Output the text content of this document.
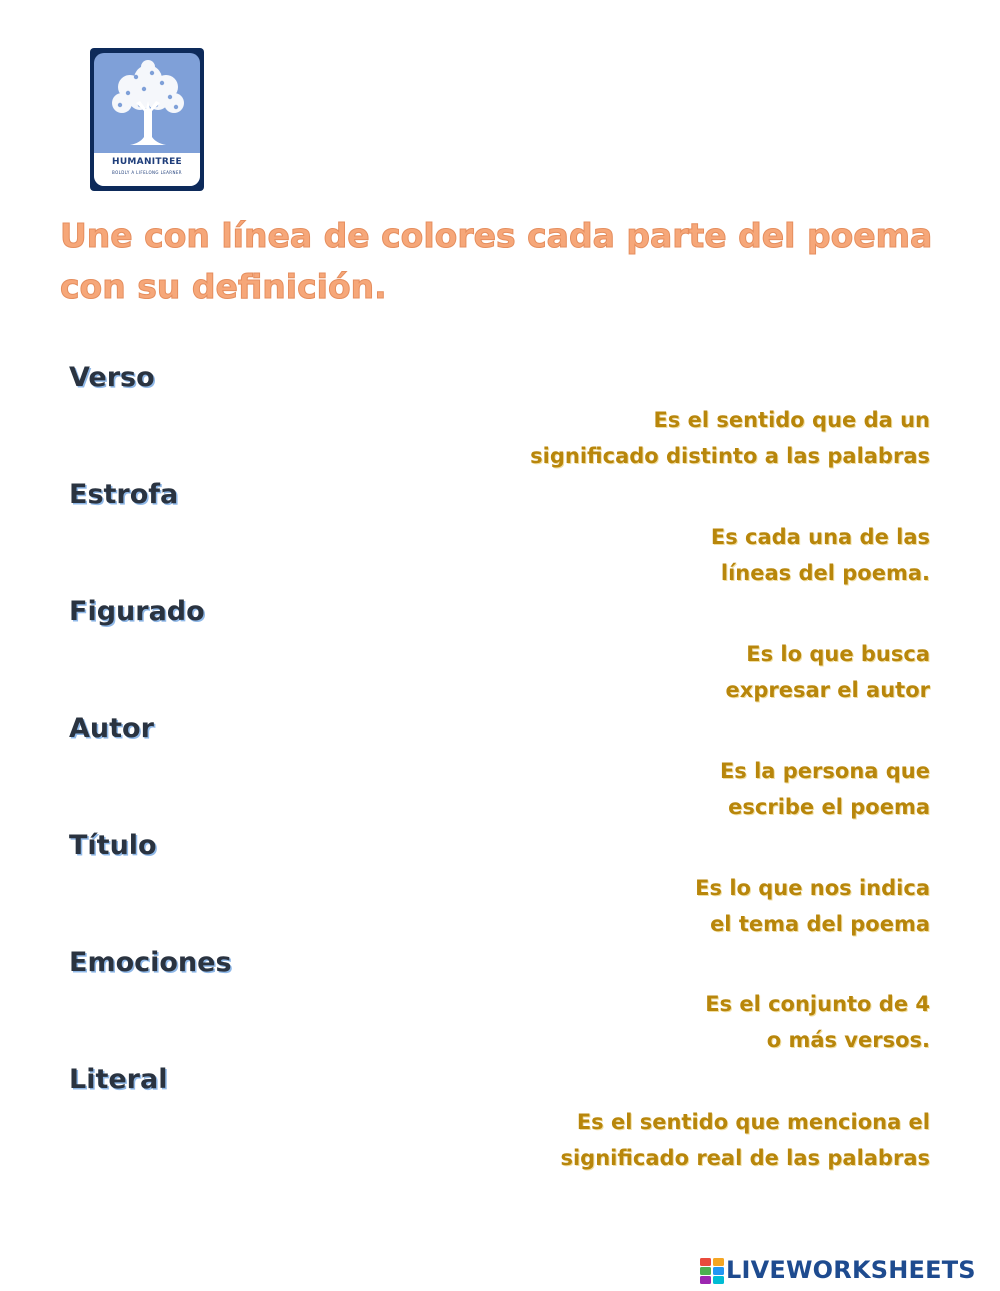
HUMANITREE
BOLDLY A LIFELONG LEARNER
Une con línea de colores cada parte del poema con su definición.
Verso
Estrofa
Figurado
Autor
Título
Emociones
Literal
Es el sentido que da un
significado distinto a las palabras
Es cada una de las
líneas del poema.
Es lo que busca
expresar el autor
Es la persona que
escribe el poema
Es lo que nos indica
el tema del poema
Es el conjunto de 4
o más versos.
Es el sentido que menciona el
significado real de las palabras
LIVEWORKSHEETS
